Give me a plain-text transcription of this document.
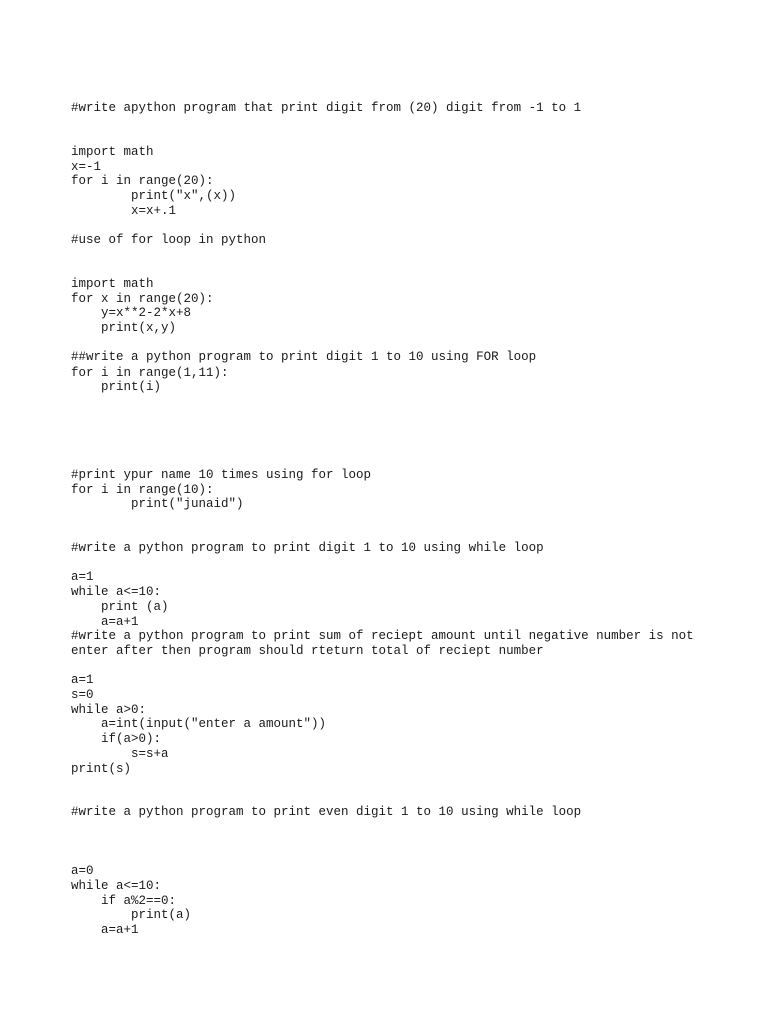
#write apython program that print digit from (20) digit from -1 to 1
import math
x=-1
for i in range(20):
print("x",(x))
x=x+.1
#use of for loop in python
import math
for x in range(20):
y=x**2-2*x+8
print(x,y)
##write a python program to print digit 1 to 10 using FOR loop
for i in range(1,11):
print(i)
#print ypur name 10 times using for loop
for i in range(10):
print("junaid")
#write a python program to print digit 1 to 10 using while loop
a=1
while a<=10:
print (a)
a=a+1
#write a python program to print sum of reciept amount until negative number is not
enter after then program should rteturn total of reciept number
a=1
s=0
while a>0:
a=int(input("enter a amount"))
if(a>0):
s=s+a
print(s)
#write a python program to print even digit 1 to 10 using while loop
a=0
while a<=10:
if a%2==0:
print(a)
a=a+1
